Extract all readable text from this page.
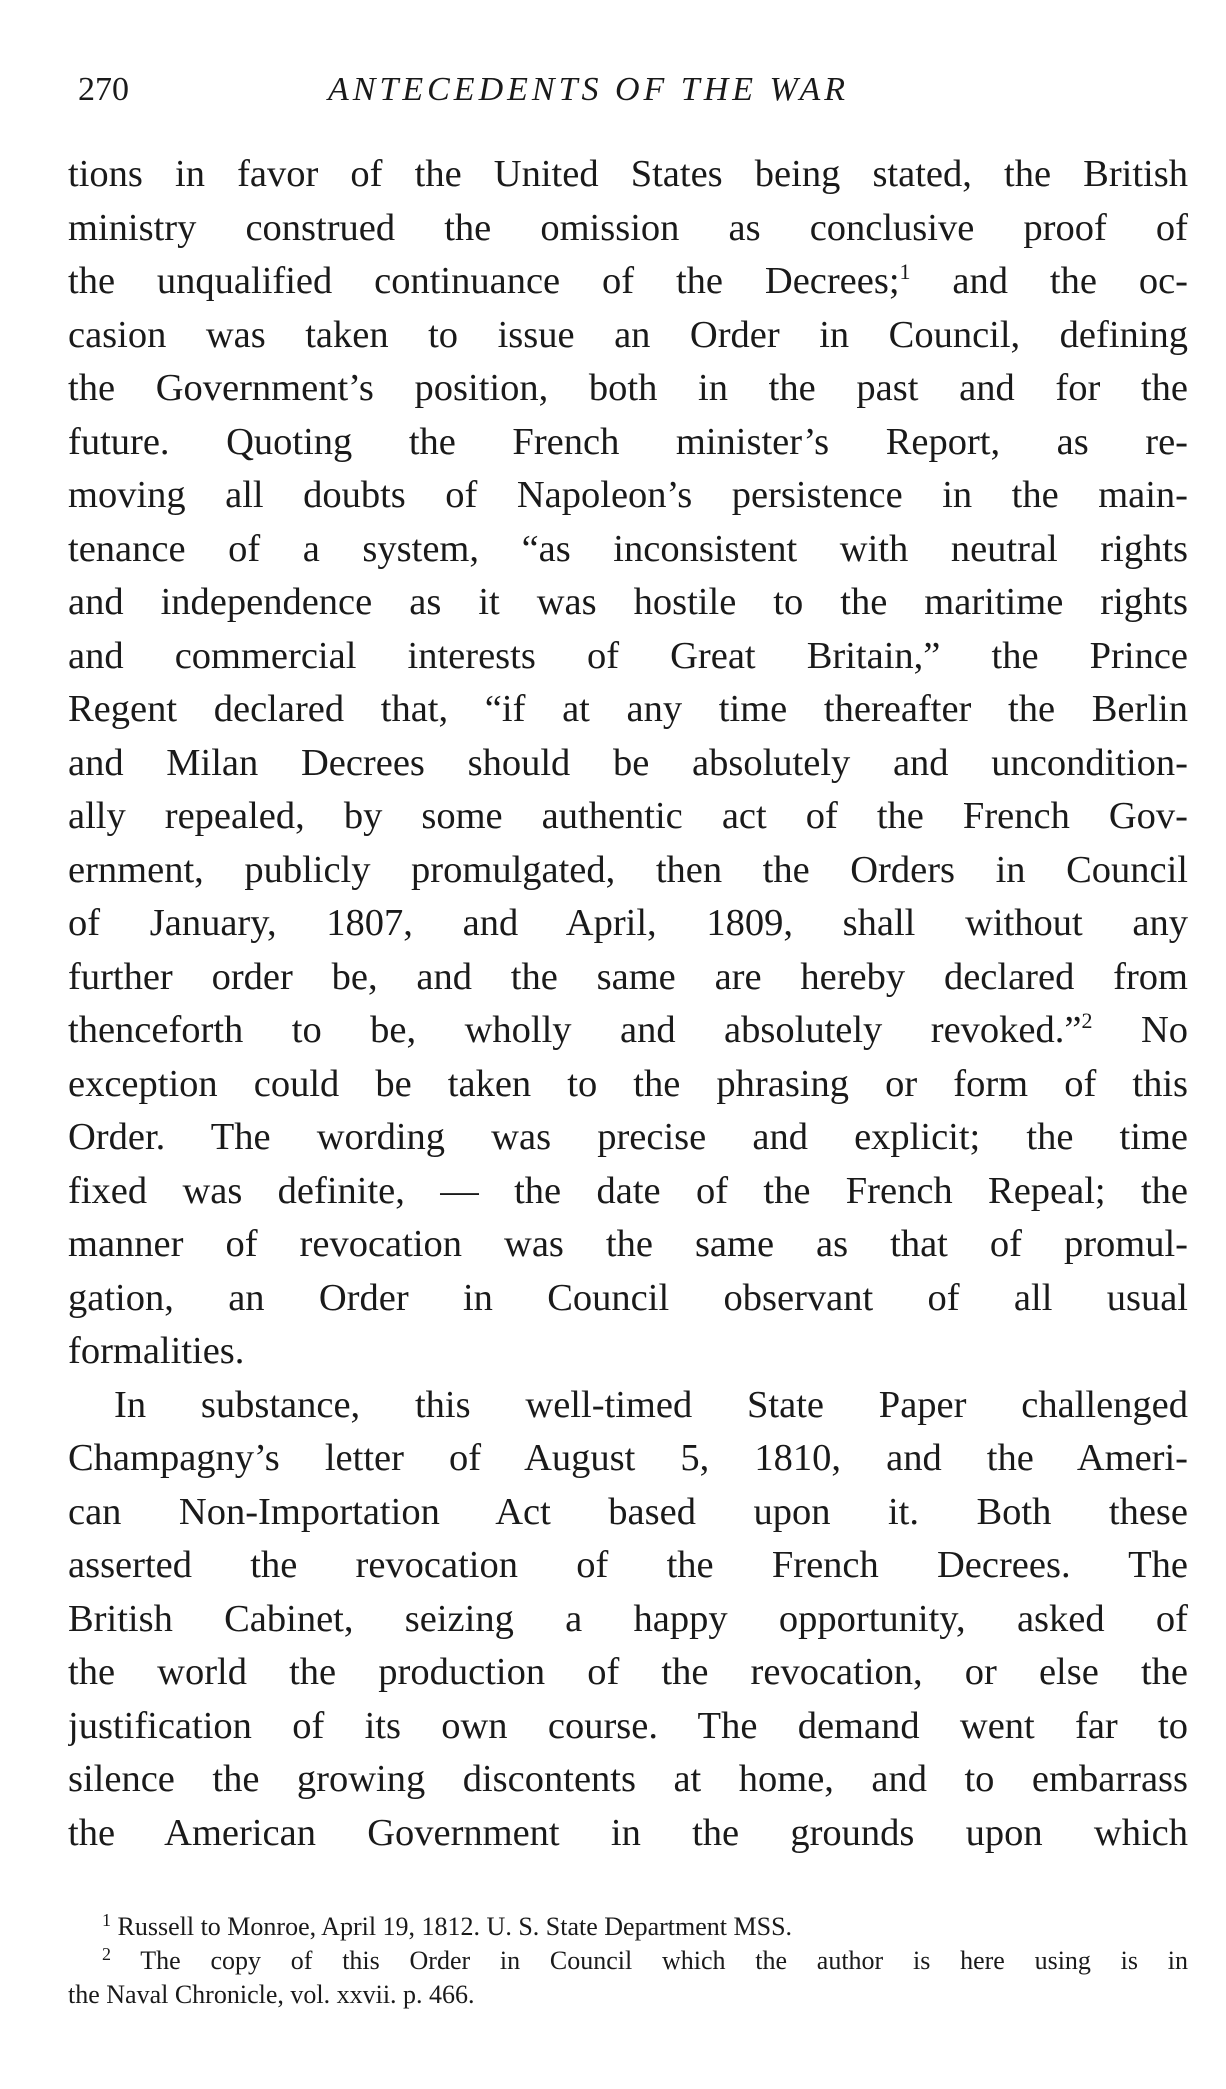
270	ANTECEDENTS OF THE WAR
tions in favor of the United States being stated, the British
ministry construed the omission as conclusive proof of
the unqualified continuance of the Decrees;$^1$ and the oc-
casion was taken to issue an Order in Council, defining
the Government’s position, both in the past and for the
future. Quoting the French minister’s Report, as re-
moving all doubts of Napoleon’s persistence in the main-
tenance of a system, “as inconsistent with neutral rights
and independence as it was hostile to the maritime rights
and commercial interests of Great Britain,” the Prince
Regent declared that, “if at any time thereafter the Berlin
and Milan Decrees should be absolutely and uncondition-
ally repealed, by some authentic act of the French Gov-
ernment, publicly promulgated, then the Orders in Council
of January, 1807, and April, 1809, shall without any
further order be, and the same are hereby declared from
thenceforth to be, wholly and absolutely revoked.”$^2$ No
exception could be taken to the phrasing or form of this
Order. The wording was precise and explicit; the time
fixed was definite, — the date of the French Repeal; the
manner of revocation was the same as that of promul-
gation, an Order in Council observant of all usual
formalities.
In substance, this well-timed State Paper challenged
Champagny’s letter of August 5, 1810, and the Ameri-
can Non-Importation Act based upon it. Both these
asserted the revocation of the French Decrees. The
British Cabinet, seizing a happy opportunity, asked of
the world the production of the revocation, or else the
justification of its own course. The demand went far to
silence the growing discontents at home, and to embarrass
the American Government in the grounds upon which
$^1$ Russell to Monroe, April 19, 1812. U. S. State Department MSS.
$^2$ The copy of this Order in Council which the author is here using is in
the Naval Chronicle, vol. xxvii. p. 466.
